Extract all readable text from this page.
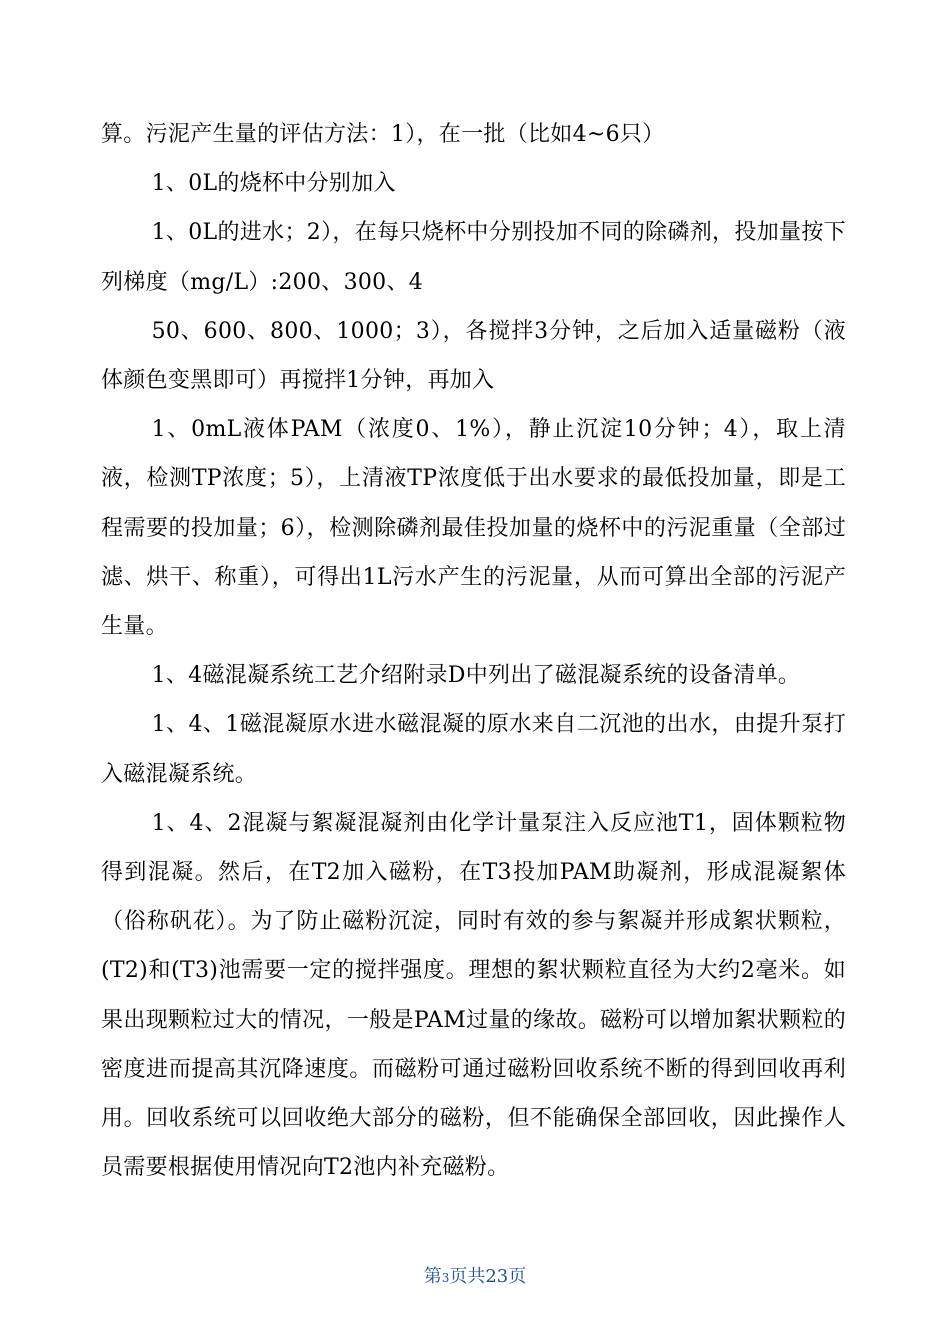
算。污泥产生量的评估方法：1），在一批（比如4~6只）

1、0L的烧杯中分别加入

1、0L的进水；2），在每只烧杯中分别投加不同的除磷剂，投加量按下列梯度（mg/L）:200、300、4

50、600、800、1000；3），各搅拌3分钟，之后加入适量磁粉（液体颜色变黑即可）再搅拌1分钟，再加入

1、0mL液体PAM（浓度0、1%），静止沉淀10分钟；4），取上清液，检测TP浓度；5），上清液TP浓度低于出水要求的最低投加量，即是工程需要的投加量；6），检测除磷剂最佳投加量的烧杯中的污泥重量（全部过滤、烘干、称重），可得出1L污水产生的污泥量，从而可算出全部的污泥产生量。

1、4磁混凝系统工艺介绍附录D中列出了磁混凝系统的设备清单。

1、4、1磁混凝原水进水磁混凝的原水来自二沉池的出水，由提升泵打入磁混凝系统。

1、4、2混凝与絮凝混凝剂由化学计量泵注入反应池T1，固体颗粒物得到混凝。然后，在T2加入磁粉，在T3投加PAM助凝剂，形成混凝絮体（俗称矾花）。为了防止磁粉沉淀，同时有效的参与絮凝并形成絮状颗粒，(T2)和(T3)池需要一定的搅拌强度。理想的絮状颗粒直径为大约2毫米。如果出现颗粒过大的情况，一般是PAM过量的缘故。磁粉可以增加絮状颗粒的密度进而提高其沉降速度。而磁粉可通过磁粉回收系统不断的得到回收再利用。回收系统可以回收绝大部分的磁粉，但不能确保全部回收，因此操作人员需要根据使用情况向T2池内补充磁粉。

第3页共23页
